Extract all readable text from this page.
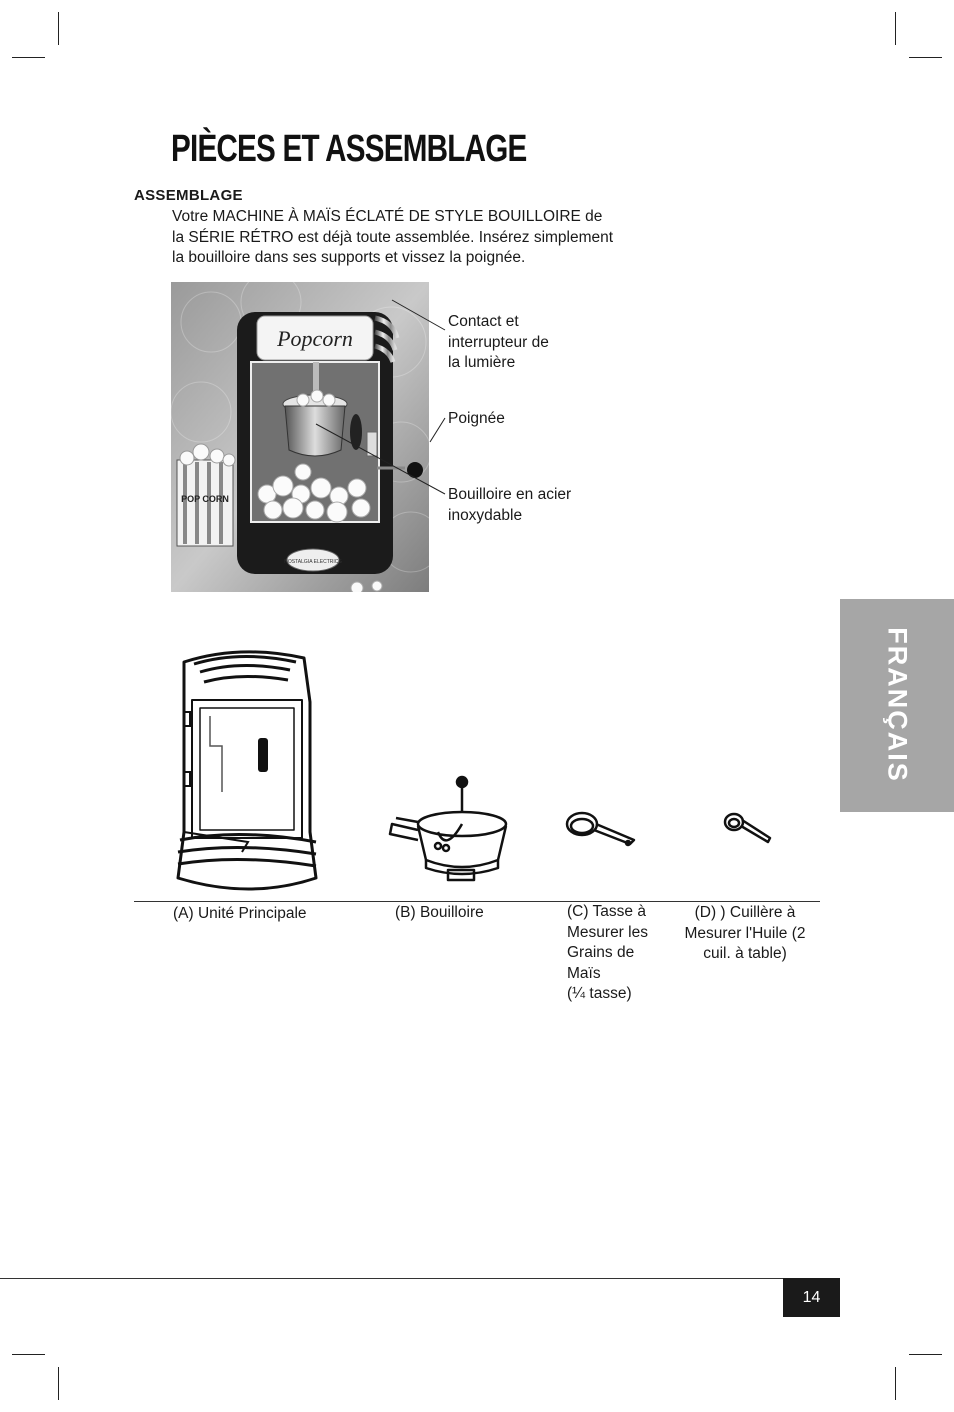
PIÈCES ET ASSEMBLAGE
ASSEMBLAGE

Votre MACHINE À MAÏS ÉCLATÉ DE STYLE BOUILLOIRE de
la SÉRIE RÉTRO est déjà toute assemblée. Insérez simplement
la bouilloire dans ses supports et vissez la poignée.

POP CORN
Popcorn
NOSTALGIA ELECTRICS
Contact et
interrupteur de
la lumière
Poignée
Bouilloire en acier
inoxydable
FRANÇAIS
(A) Unité Principale	(B) Bouilloire	(C) Tasse à
Mesurer les
Grains de
Maïs
(¼ tasse)
(D) ) Cuillère à
Mesurer l'Huile (2
cuil. à table)
14
